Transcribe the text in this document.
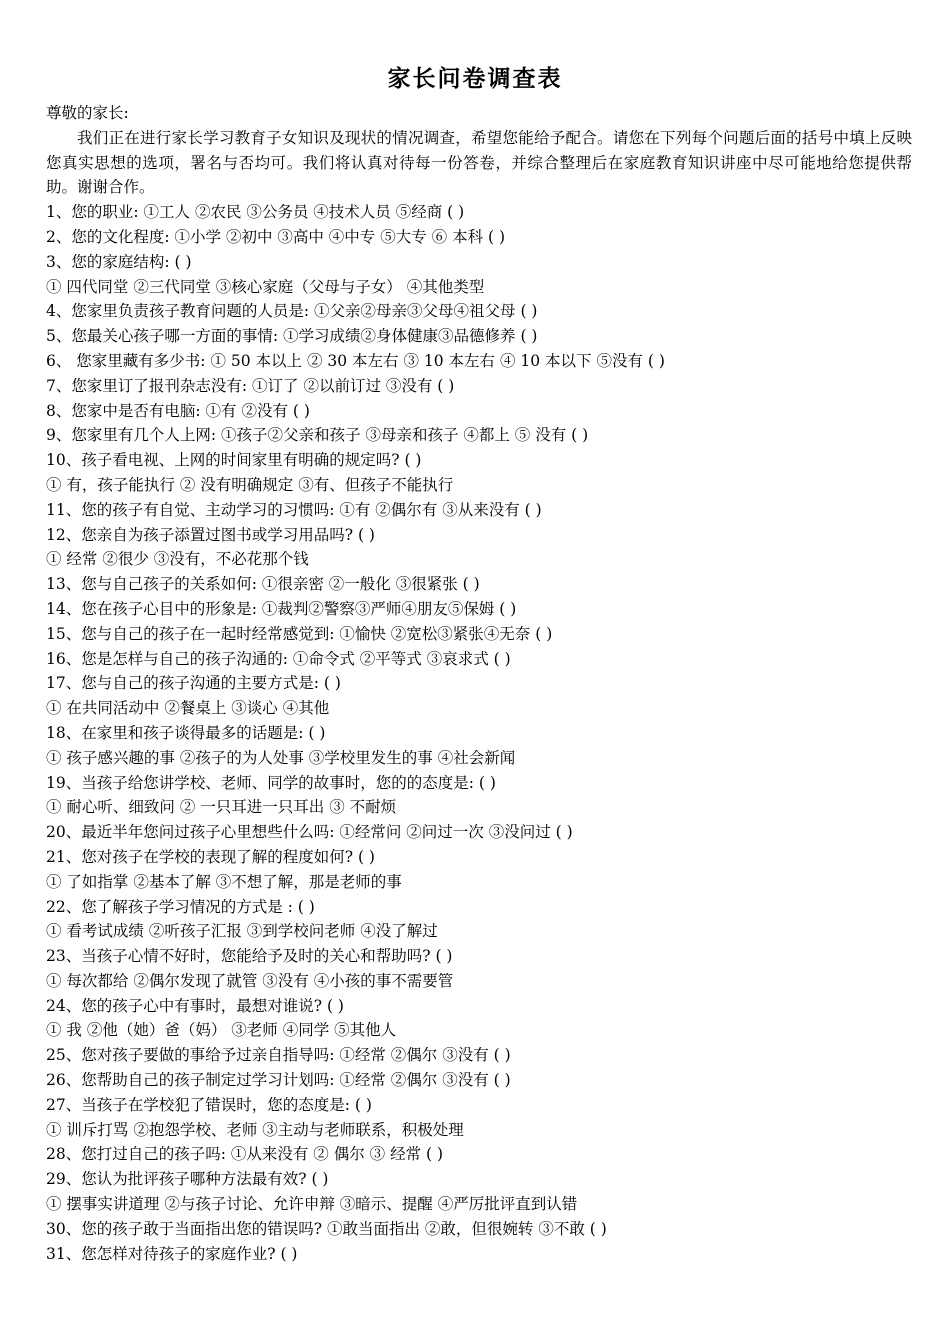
家长问卷调查表
尊敬的家长:
我们正在进行家长学习教育子女知识及现状的情况调查，希望您能给予配合。请您在下列每个问题后面的括号中填上反映您真实思想的选项，署名与否均可。我们将认真对待每一份答卷，并综合整理后在家庭教育知识讲座中尽可能地给您提供帮助。谢谢合作。
1、您的职业: ①工人 ②农民 ③公务员 ④技术人员 ⑤经商 ( )
2、您的文化程度: ①小学 ②初中 ③高中 ④中专 ⑤大专 ⑥ 本科 ( )
3、您的家庭结构: ( )
① 四代同堂 ②三代同堂 ③核心家庭（父母与子女） ④其他类型
4、您家里负责孩子教育问题的人员是: ①父亲②母亲③父母④祖父母 ( )
5、您最关心孩子哪一方面的事情: ①学习成绩②身体健康③品德修养 ( )
6、 您家里藏有多少书: ① 50 本以上 ② 30 本左右 ③ 10 本左右 ④ 10 本以下 ⑤没有 ( )
7、您家里订了报刊杂志没有: ①订了 ②以前订过 ③没有 ( )
8、您家中是否有电脑: ①有 ②没有 ( )
9、您家里有几个人上网: ①孩子②父亲和孩子 ③母亲和孩子 ④都上 ⑤ 没有 ( )
10、孩子看电视、上网的时间家里有明确的规定吗? ( )
① 有，孩子能执行 ② 没有明确规定 ③有、但孩子不能执行
11、您的孩子有自觉、主动学习的习惯吗: ①有 ②偶尔有 ③从来没有 ( )
12、您亲自为孩子添置过图书或学习用品吗? ( )
① 经常 ②很少 ③没有，不必花那个钱
13、您与自己孩子的关系如何: ①很亲密 ②一般化 ③很紧张 ( )
14、您在孩子心目中的形象是: ①裁判②警察③严师④朋友⑤保姆 ( )
15、您与自己的孩子在一起时经常感觉到: ①愉快 ②宽松③紧张④无奈 ( )
16、您是怎样与自己的孩子沟通的: ①命令式 ②平等式 ③哀求式 ( )
17、您与自己的孩子沟通的主要方式是: ( )
① 在共同活动中 ②餐桌上 ③谈心 ④其他
18、在家里和孩子谈得最多的话题是: ( )
① 孩子感兴趣的事 ②孩子的为人处事 ③学校里发生的事 ④社会新闻
19、当孩子给您讲学校、老师、同学的故事时，您的的态度是: ( )
① 耐心听、细致问 ② 一只耳进一只耳出 ③ 不耐烦
20、最近半年您问过孩子心里想些什么吗: ①经常问 ②问过一次 ③没问过 ( )
21、您对孩子在学校的表现了解的程度如何? ( )
① 了如指掌 ②基本了解 ③不想了解，那是老师的事
22、您了解孩子学习情况的方式是 : ( )
① 看考试成绩 ②听孩子汇报 ③到学校问老师 ④没了解过
23、当孩子心情不好时，您能给予及时的关心和帮助吗? ( )
① 每次都给 ②偶尔发现了就管 ③没有 ④小孩的事不需要管
24、您的孩子心中有事时，最想对谁说? ( )
① 我 ②他（她）爸（妈） ③老师 ④同学 ⑤其他人
25、您对孩子要做的事给予过亲自指导吗: ①经常 ②偶尔 ③没有 ( )
26、您帮助自己的孩子制定过学习计划吗: ①经常 ②偶尔 ③没有 ( )
27、当孩子在学校犯了错误时，您的态度是: ( )
① 训斥打骂 ②抱怨学校、老师 ③主动与老师联系，积极处理
28、您打过自己的孩子吗: ①从来没有 ② 偶尔 ③ 经常 ( )
29、您认为批评孩子哪种方法最有效? ( )
① 摆事实讲道理 ②与孩子讨论、允许申辩 ③暗示、提醒 ④严厉批评直到认错
30、您的孩子敢于当面指出您的错误吗? ①敢当面指出 ②敢，但很婉转 ③不敢 ( )
31、您怎样对待孩子的家庭作业? ( )
